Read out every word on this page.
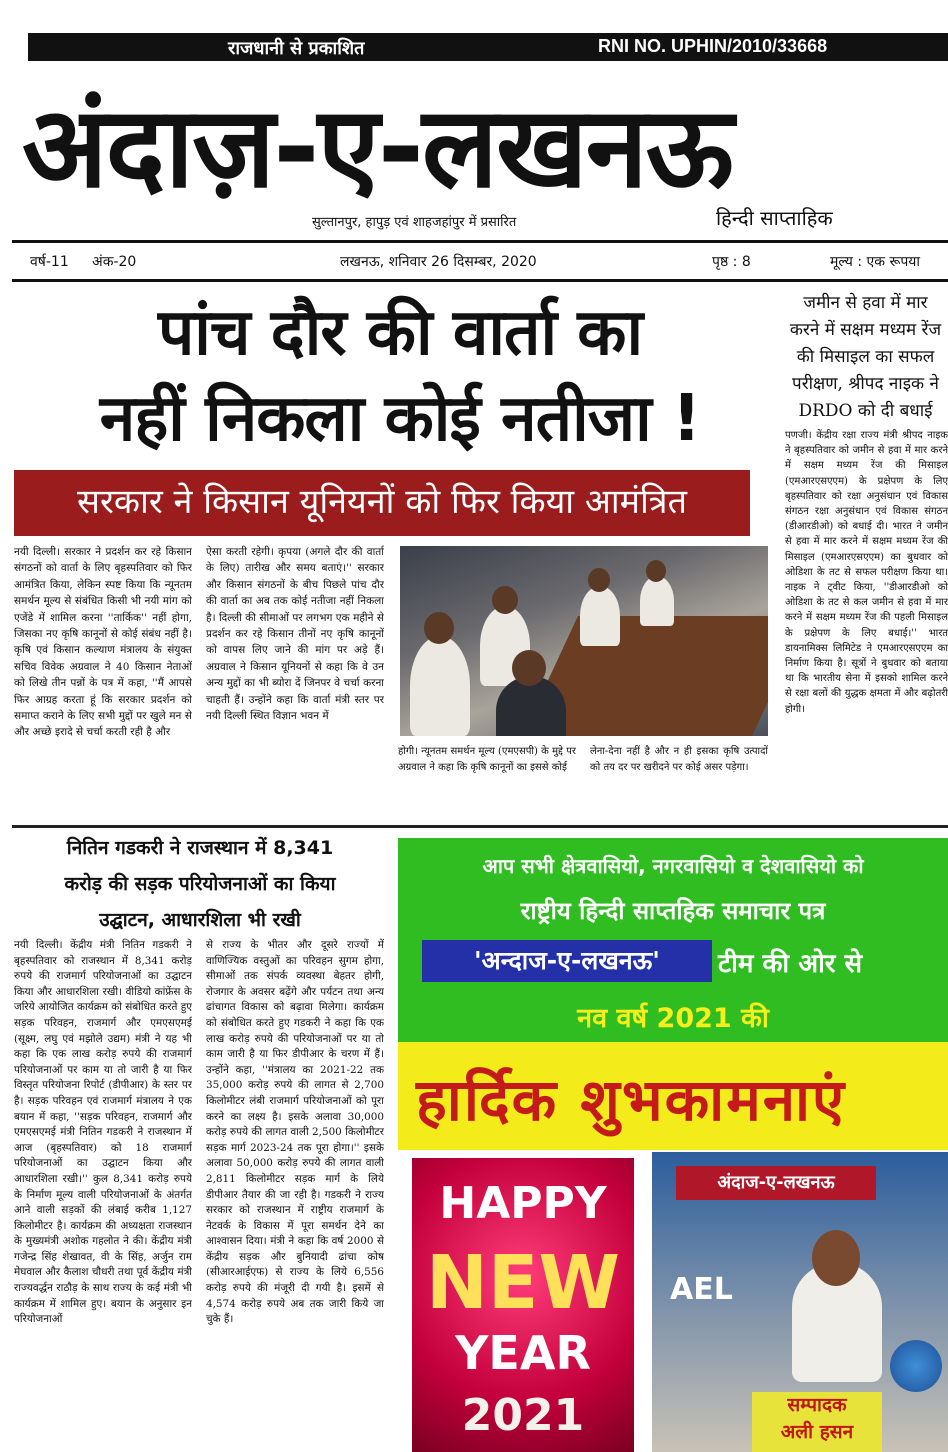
राजधानी से प्रकाशित	RNI NO. UPHIN/2010/33668
अंदाज़-ए-लखनऊ
सुल्तानपुर, हापुड़ एवं शाहजहांपुर में प्रसारित	हिन्दी साप्ताहिक
वर्ष-11 अंक-20	लखनऊ, शनिवार 26 दिसम्बर, 2020	पृष्ठ : 8	मूल्य : एक रूपया
पांच दौर की वार्ता का
नहीं निकला कोई नतीजा !
सरकार ने किसान यूनियनों को फिर किया आमंत्रित
नयी दिल्ली। सरकार ने प्रदर्शन कर रहे किसान संगठनों को वार्ता के लिए बृहस्पतिवार को फिर आमंत्रित किया, लेकिन स्पष्ट किया कि न्यूनतम समर्थन मूल्य से संबंधित किसी भी नयी मांग को एजेंडे में शामिल करना ''तार्किक'' नहीं होगा, जिसका नए कृषि कानूनों से कोई संबंध नहीं है। कृषि एवं किसान कल्याण मंत्रालय के संयुक्त सचिव विवेक अग्रवाल ने 40 किसान नेताओं को लिखे तीन पन्नों के पत्र में कहा, ''मैं आपसे फिर आग्रह करता हूं कि सरकार प्रदर्शन को समाप्त कराने के लिए सभी मुद्दों पर खुले मन से और अच्छे इरादे से चर्चा करती रही है और
ऐसा करती रहेगी। कृपया (अगले दौर की वार्ता के लिए) तारीख और समय बताएं।'' सरकार और किसान संगठनों के बीच पिछले पांच दौर की वार्ता का अब तक कोई नतीजा नहीं निकला है। दिल्ली की सीमाओं पर लगभग एक महीने से प्रदर्शन कर रहे किसान तीनों नए कृषि कानूनों को वापस लिए जाने की मांग पर अड़े हैं। अग्रवाल ने किसान यूनियनों से कहा कि वे उन अन्य मुद्दों का भी ब्योरा दें जिनपर वे चर्चा करना चाहती हैं। उन्होंने कहा कि वार्ता मंत्री स्तर पर नयी दिल्ली स्थित विज्ञान भवन में
होगी। न्यूनतम समर्थन मूल्य (एमएसपी) के मुद्दे पर अग्रवाल ने कहा कि कृषि कानूनों का इससे कोई
लेना-देना नहीं है और न ही इसका कृषि उत्पादों को तय दर पर खरीदने पर कोई असर पड़ेगा।
जमीन से हवा में मार
करने में सक्षम मध्यम रेंज
की मिसाइल का सफल
परीक्षण, श्रीपद नाइक ने
DRDO को दी बधाई
पणजी। केंद्रीय रक्षा राज्य मंत्री श्रीपद नाइक ने बृहस्पतिवार को जमीन से हवा में मार करने में सक्षम मध्यम रेंज की मिसाइल (एमआरएसएएम) के प्रक्षेपण के लिए बृहस्पतिवार को रक्षा अनुसंधान एवं विकास संगठन रक्षा अनुसंधान एवं विकास संगठन (डीआरडीओ) को बधाई दी। भारत ने जमीन से हवा में मार करने में सक्षम मध्यम रेंज की मिसाइल (एमआरएसएएम) का बुधवार को ओडिशा के तट से सफल परीक्षण किया था। नाइक ने ट्वीट किया, ''डीआरडीओ को ओडिशा के तट से कल जमीन से हवा में मार करने में सक्षम मध्यम रेंज की पहली मिसाइल के प्रक्षेपण के लिए बधाई।'' भारत डायनामिक्स लिमिटेड ने एमआरएसएएम का निर्माण किया है। सूत्रों ने बुधवार को बताया था कि भारतीय सेना में इसको शामिल करने से रक्षा बलों की युद्धक क्षमता में और बढ़ोतरी होगी।
नितिन गडकरी ने राजस्थान में 8,341
करोड़ की सड़क परियोजनाओं का किया
उद्घाटन, आधारशिला भी रखी
नयी दिल्ली। केंद्रीय मंत्री नितिन गडकरी ने बृहस्पतिवार को राजस्थान में 8,341 करोड़ रुपये की राजमार्ग परियोजनाओं का उद्घाटन किया और आधारशिला रखी। वीडियो कांफ्रेंस के जरिये आयोजित कार्यक्रम को संबोधित करते हुए सड़क परिवहन, राजमार्ग और एमएसएमई (सूक्ष्म, लघु एवं मझोले उद्यम) मंत्री ने यह भी कहा कि एक लाख करोड़ रुपये की राजमार्ग परियोजनाओं पर काम या तो जारी है या फिर विस्तृत परियोजना रिपोर्ट (डीपीआर) के स्तर पर है। सड़क परिवहन एवं राजमार्ग मंत्रालय ने एक बयान में कहा, ''सड़क परिवहन, राजमार्ग और एमएसएमई मंत्री नितिन गडकरी ने राजस्थान में आज (बृहस्पतिवार) को 18 राजमार्ग परियोजनाओं का उद्घाटन किया और आधारशिला रखी।'' कुल 8,341 करोड़ रुपये के निर्माण मूल्य वाली परियोजनाओं के अंतर्गत आने वाली सड़कों की लंबाई करीब 1,127 किलोमीटर है। कार्यक्रम की अध्यक्षता राजस्थान के मुख्यमंत्री अशोक गहलोत ने की। केंद्रीय मंत्री गजेन्द्र सिंह शेखावत, वी के सिंह, अर्जुन राम मेघवाल और कैलाश चौधरी तथा पूर्व केंद्रीय मंत्री राज्यवर्द्धन राठौड़ के साथ राज्य के कई मंत्री भी कार्यक्रम में शामिल हुए। बयान के अनुसार इन परियोजनाओं
से राज्य के भीतर और दूसरे राज्यों में वाणिज्यिक वस्तुओं का परिवहन सुगम होगा, सीमाओं तक संपर्क व्यवस्था बेहतर होगी, रोजगार के अवसर बढ़ेंगे और पर्यटन तथा अन्य ढांचागत विकास को बढ़ावा मिलेगा। कार्यक्रम को संबोधित करते हुए गडकरी ने कहा कि एक लाख करोड़ रुपये की परियोजनाओं पर या तो काम जारी है या फिर डीपीआर के चरण में हैं। उन्होंने कहा, ''मंत्रालय का 2021-22 तक 35,000 करोड़ रुपये की लागत से 2,700 किलोमीटर लंबी राजमार्ग परियोजनाओं को पूरा करने का लक्ष्य है। इसके अलावा 30,000 करोड़ रुपये की लागत वाली 2,500 किलोमीटर सड़क मार्ग 2023-24 तक पूरा होगा।'' इसके अलावा 50,000 करोड़ रुपये की लागत वाली 2,811 किलोमीटर सड़क मार्ग के लिये डीपीआर तैयार की जा रही है। गडकरी ने राज्य सरकार को राजस्थान में राष्ट्रीय राजमार्ग के नेटवर्क के विकास में पूरा समर्थन देने का आश्वासन दिया। मंत्री ने कहा कि वर्ष 2000 से केंद्रीय सड़क और बुनियादी ढांचा कोष (सीआरआईएफ) से राज्य के लिये 6,556 करोड़ रुपये की मंजूरी दी गयी है। इसमें से 4,574 करोड़ रुपये अब तक जारी किये जा चुके हैं।
आप सभी क्षेत्रवासियो, नगरवासियो व देशवासियो को
राष्ट्रीय हिन्दी साप्तहिक समाचार पत्र
'अन्दाज-ए-लखनऊ'	टीम की ओर से
नव वर्ष 2021 की
हार्दिक शुभकामनाएं
HAPPY
NEW
YEAR
2021
अंदाज-ए-लखनऊ
AEL
सम्पादक
अली हसन
